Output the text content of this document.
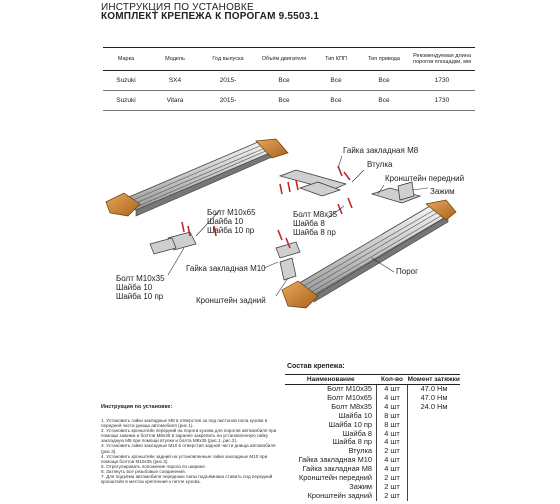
ИНСТРУКЦИЯ ПО УСТАНОВКЕ
КОМПЛЕКТ КРЕПЕЖА К ПОРОГАМ 9.5503.1
Марка	Модель	Год выпуска	Объём двигателя	Тип КПП	Тип привода	Рекомендуемая длина порогов площадки, мм
Suzuki	SX4	2015-	Все	Все	Все	1730
Suzuki	Vitara	2015-	Все	Все	Все	1730
Гайка закладная М8
Втулка
Кронштейн передний
Зажим
Болт М10х65
Шайба 10
Шайба 10 пр
Болт М8х35
Шайба 8
Шайба 8 пр
Болт М10х35
Шайба 10
Шайба 10 пр
Гайка закладная М10	Порог
Кронштейн задний
Состав крепежа:
Наименование	Кол-во	Момент затяжки
Болт М10х35	4 шт	47.0 Нм
Болт М10х65	4 шт	47.0 Нм
Болт М8х35	4 шт	24.0 Нм
Шайба 10	8 шт	
Шайба 10 пр	8 шт	
Шайба 8	4 шт	
Шайба 8 пр	4 шт	
Втулка	2 шт	
Гайка закладная М10	4 шт	
Гайка закладная М8	4 шт	
Кронштейн передний	2 шт	
Зажим	2 шт	
Кронштейн задний	2 шт	
Инструкция по установке:

1. Установить гайки закладные М8 в отверстия за под пистонов пола кузова в передней части днища автомобиля (рис.1).

2. Установить кронштейн передний на пороги кузова для порогов автомобиля при помощи зажима и болтов М8х35 в заранее закрепить на установленную гайку закладную М8 при помощи втулки и болта М8х35 (рис.1, рис.2).

3. Установить гайки закладные М10 в отверстия задней части днища автомобиля (рис.3).

4. Установить кронштейн задний на установленные гайки закладные М10 при помощи болтов М10х35 (рис.3).

5. Отрегулировать положение порога по ширине.

6. Затянуть все резьбовые соединения.

7. Для подъёма автомобиля переднюю лапы подъёмника ставить под передний кронштейн в местах крепления к петле кузова.
